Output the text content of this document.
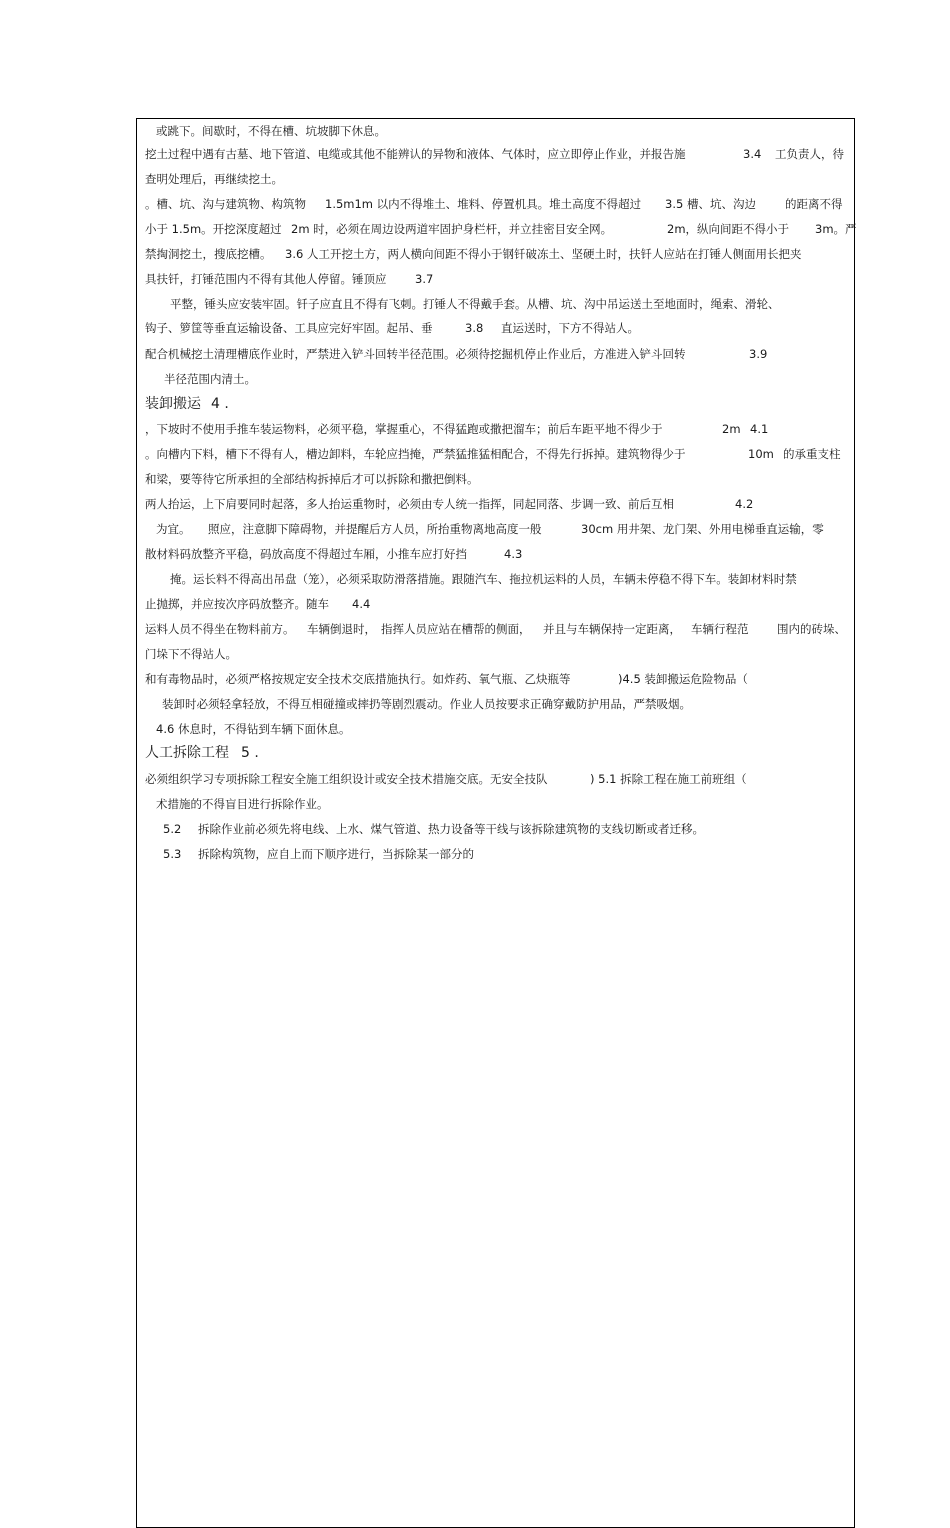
或跳下。间歇时，不得在槽、坑坡脚下休息。
挖土过程中遇有古墓、地下管道、电缆或其他不能辨认的异物和液体、气体时，应立即停止作业，并报告施	3.4 工负责人，待
查明处理后，再继续挖土。
。槽、坑、沟与建筑物、构筑物 1.5m1m 以内不得堆土、堆料、停置机具。堆土高度不得超过 3.5 槽、坑、沟边	的距离不得
小于 1.5m。开挖深度超过 2m 时，必须在周边设两道牢固护身栏杆，并立挂密目安全网。	2m，纵向间距不得小于 3m。严
禁掏洞挖土，搜底挖槽。 3.6 人工开挖土方，两人横向间距不得小于钢钎破冻土、坚硬土时，扶钎人应站在打锤人侧面用长把夹
具扶钎，打锤范围内不得有其他人停留。锤顶应 3.7
平整，锤头应安装牢固。钎子应直且不得有飞刺。打锤人不得戴手套。从槽、坑、沟中吊运送土至地面时，绳索、滑轮、
钩子、箩筐等垂直运输设备、工具应完好牢固。起吊、垂	3.8 直运送时，下方不得站人。
配合机械挖土清理槽底作业时，严禁进入铲斗回转半径范围。必须待挖掘机停止作业后，方准进入铲斗回转	3.9
半径范围内清土。
装卸搬运 4 .
，下坡时不使用手推车装运物料，必须平稳，掌握重心，不得猛跑或撒把溜车；前后车距平地不得少于	2m 4.1
。向槽内下料，槽下不得有人，槽边卸料，车轮应挡掩，严禁猛推猛相配合，不得先行拆掉。建筑物得少于	10m 的承重支柱
和梁，要等待它所承担的全部结构拆掉后才可以拆除和撒把倒料。
两人抬运，上下肩要同时起落，多人抬运重物时，必须由专人统一指挥，同起同落、步调一致、前后互相	4.2
为宜。 照应，注意脚下障碍物，并提醒后方人员，所抬重物离地高度一般	30cm 用井架、龙门架、外用电梯垂直运输，零
散材料码放整齐平稳，码放高度不得超过车厢，小推车应打好挡	4.3
掩。运长料不得高出吊盘（笼），必须采取防滑落措施。跟随汽车、拖拉机运料的人员，车辆未停稳不得下车。装卸材料时禁
止抛掷，并应按次序码放整齐。随车 4.4
运料人员不得坐在物料前方。 车辆倒退时， 指挥人员应站在槽帮的侧面， 并且与车辆保持一定距离， 车辆行程范 围内的砖垛、
门垛下不得站人。
和有毒物品时，必须严格按规定安全技术交底措施执行。如炸药、氧气瓶、乙炔瓶等	)4.5 装卸搬运危险物品（
装卸时必须轻拿轻放，不得互相碰撞或摔扔等剧烈震动。作业人员按要求正确穿戴防护用品，严禁吸烟。
4.6 休息时，不得钻到车辆下面休息。
人工拆除工程 5 .
必须组织学习专项拆除工程安全施工组织设计或安全技术措施交底。无安全技队	) 5.1 拆除工程在施工前班组（
术措施的不得盲目进行拆除作业。
5.2 拆除作业前必须先将电线、上水、煤气管道、热力设备等干线与该拆除建筑物的支线切断或者迁移。
5.3 拆除构筑物，应自上而下顺序进行，当拆除某一部分的
